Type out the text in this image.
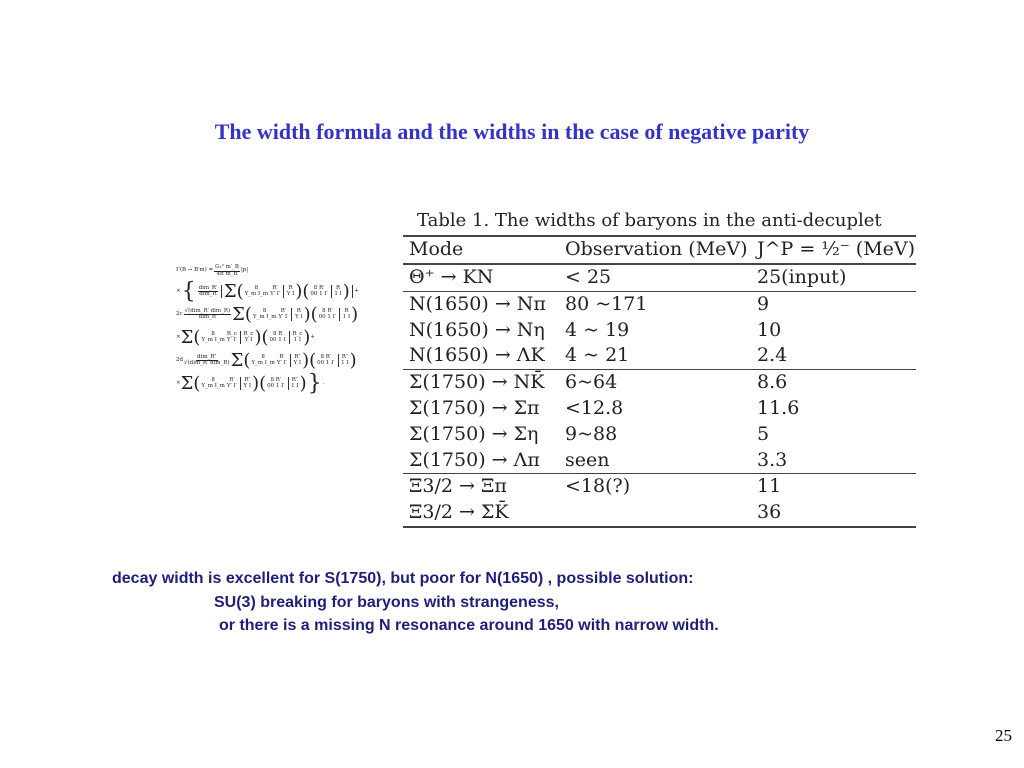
The width formula and the widths in the case of negative parity
$\Gamma(B \to B'm) = \frac{\text{G₁² m′\_B}}{\text{4π m\_B}} |p|$
× { dim_R′
dim_R Σ ( 8
Y_m I_m
R′
Y′ I′
R
Y I )( 8 R′
00 1 I′
R
1 I ) +
2c
√(dim_R′ dim_R)
dim_R Σ ( 8
Y_m I_m
R′
Y′ I′
R
Y I )( 8 R′
00 1 I′
R
1 I )
× Σ ( 8
Y_m I_m
R_c
Y′ I′
R_c
Y I )( 8 R
00 1 I
R_c
1 I ) +
2d
dim_R″
√(dim_R′ dim_R) Σ ( 8
Y_m I_m
R′
Y′ I′
R″
Y I )( 8 R′
00 1 I′
R″
1 I )
× Σ ( 8
Y_m I_m
R′
Y′ I′
R″
Y I )( 8 R′
00 1 I′
R″
1 I ) } .
Table 1. The widths of baryons in the anti-decuplet
Mode	Observation (MeV)	J^P = ½⁻ (MeV)
Θ⁺ → KN	< 25	25(input)
N(1650) → Nπ	80 ~171	9
N(1650) → Nη	4 ~ 19	10
N(1650) → ΛK	4 ~ 21	2.4
Σ(1750) → NK̄	6~64	8.6
Σ(1750) → Σπ	<12.8	11.6
Σ(1750) → Ση	9~88	5
Σ(1750) → Λπ	seen	3.3
Ξ3/2 → Ξπ	<18(?)	11
Ξ3/2 → ΣK̄		36
decay width is excellent for S(1750), but poor for N(1650) , possible solution:
SU(3) breaking for baryons with strangeness,
or there is a missing N resonance around 1650 with narrow width.
25
